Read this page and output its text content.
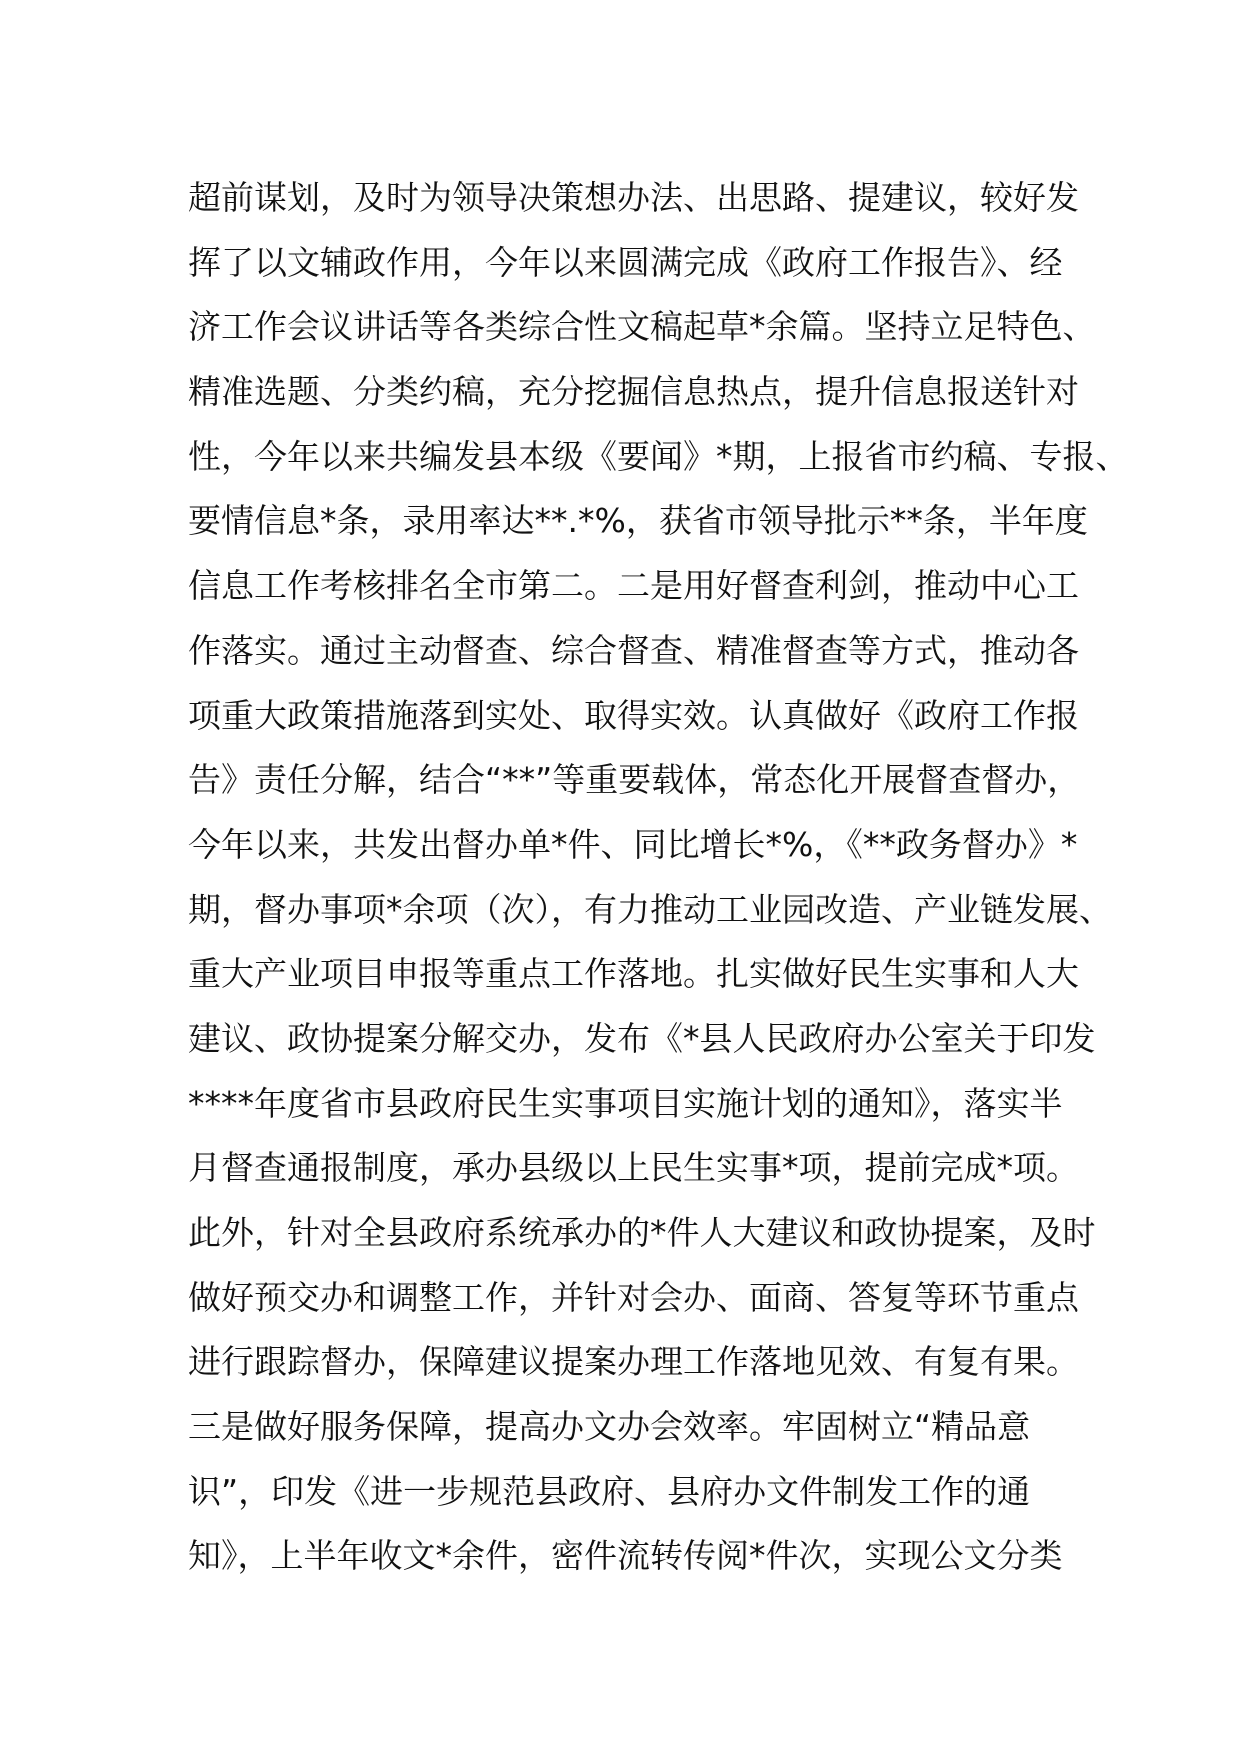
超前谋划，及时为领导决策想办法、出思路、提建议，较好发
挥了以文辅政作用，今年以来圆满完成《政府工作报告》、经
济工作会议讲话等各类综合性文稿起草*余篇。坚持立足特色、
精准选题、分类约稿，充分挖掘信息热点，提升信息报送针对
性，今年以来共编发县本级《要闻》*期，上报省市约稿、专报、
要情信息*条，录用率达**.*%，获省市领导批示**条，半年度
信息工作考核排名全市第二。二是用好督查利剑，推动中心工
作落实。通过主动督查、综合督查、精准督查等方式，推动各
项重大政策措施落到实处、取得实效。认真做好《政府工作报
告》责任分解，结合“**”等重要载体，常态化开展督查督办，
今年以来，共发出督办单*件、同比增长*%，《**政务督办》*
期，督办事项*余项（次），有力推动工业园改造、产业链发展、
重大产业项目申报等重点工作落地。扎实做好民生实事和人大
建议、政协提案分解交办，发布《*县人民政府办公室关于印发
****年度省市县政府民生实事项目实施计划的通知》，落实半
月督查通报制度，承办县级以上民生实事*项，提前完成*项。
此外，针对全县政府系统承办的*件人大建议和政协提案，及时
做好预交办和调整工作，并针对会办、面商、答复等环节重点
进行跟踪督办，保障建议提案办理工作落地见效、有复有果。
三是做好服务保障，提高办文办会效率。牢固树立“精品意
识”，印发《进一步规范县政府、县府办文件制发工作的通
知》，上半年收文*余件，密件流转传阅*件次，实现公文分类
